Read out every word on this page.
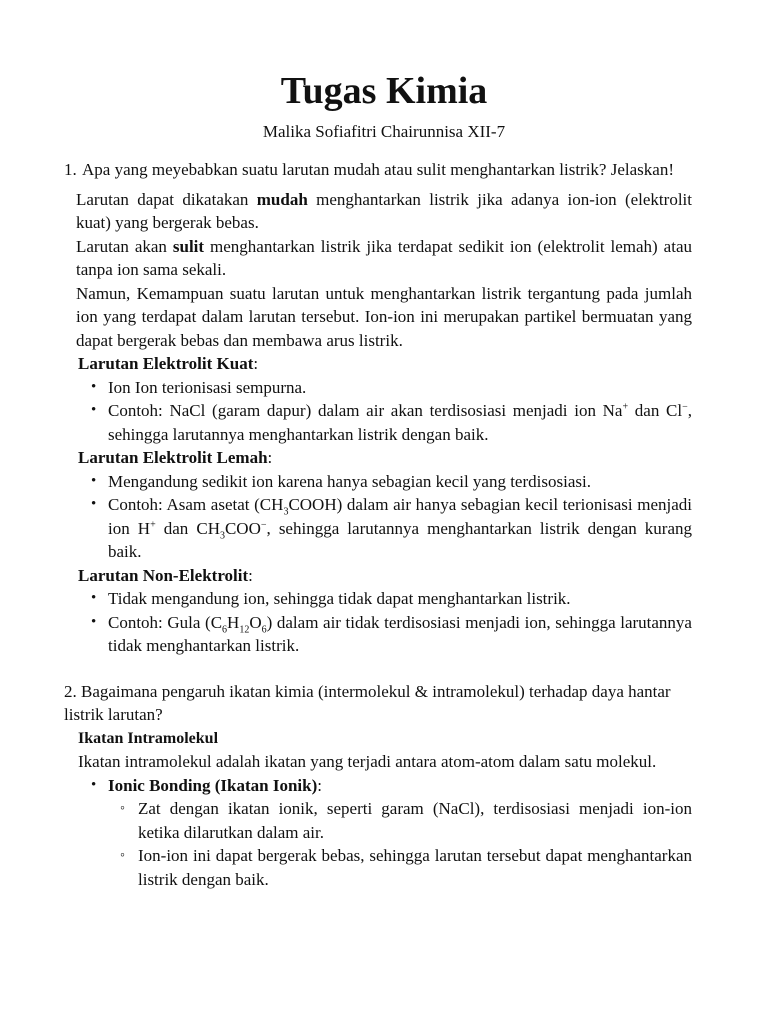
Tugas Kimia
Malika Sofiafitri Chairunnisa XII-7
1. Apa yang meyebabkan suatu larutan mudah atau sulit menghantarkan listrik? Jelaskan!

Larutan dapat dikatakan mudah menghantarkan listrik jika adanya ion-ion (elektrolit kuat) yang bergerak bebas.

Larutan akan sulit menghantarkan listrik jika terdapat sedikit ion (elektrolit lemah) atau tanpa ion sama sekali.

Namun, Kemampuan suatu larutan untuk menghantarkan listrik tergantung pada jumlah ion yang terdapat dalam larutan tersebut. Ion-ion ini merupakan partikel bermuatan yang dapat bergerak bebas dan membawa arus listrik.

Larutan Elektrolit Kuat:
• Ion Ion terionisasi sempurna.
• Contoh: NaCl (garam dapur) dalam air akan terdisosiasi menjadi ion Na+ dan Cl−, sehingga larutannya menghantarkan listrik dengan baik.
Larutan Elektrolit Lemah:
• Mengandung sedikit ion karena hanya sebagian kecil yang terdisosiasi.
• Contoh: Asam asetat $(CH_3COOH)$ dalam air hanya sebagian kecil terionisasi menjadi ion H+ dan $CH_3COO^-$, sehingga larutannya menghantarkan listrik dengan kurang baik.
Larutan Non-Elektrolit:
• Tidak mengandung ion, sehingga tidak dapat menghantarkan listrik.
• Contoh: Gula $(C_6H_{12}O_6)$ dalam air tidak terdisosiasi menjadi ion, sehingga larutannya tidak menghantarkan listrik.
2. Bagaimana pengaruh ikatan kimia (intermolekul & intramolekul) terhadap daya hantar listrik larutan?
Ikatan Intramolekul
Ikatan intramolekul adalah ikatan yang terjadi antara atom-atom dalam satu molekul.
• Ionic Bonding (Ikatan Ionik):
◦ Zat dengan ikatan ionik, seperti garam (NaCl), terdisosiasi menjadi ion-ion ketika dilarutkan dalam air.
◦ Ion-ion ini dapat bergerak bebas, sehingga larutan tersebut dapat menghantarkan listrik dengan baik.
